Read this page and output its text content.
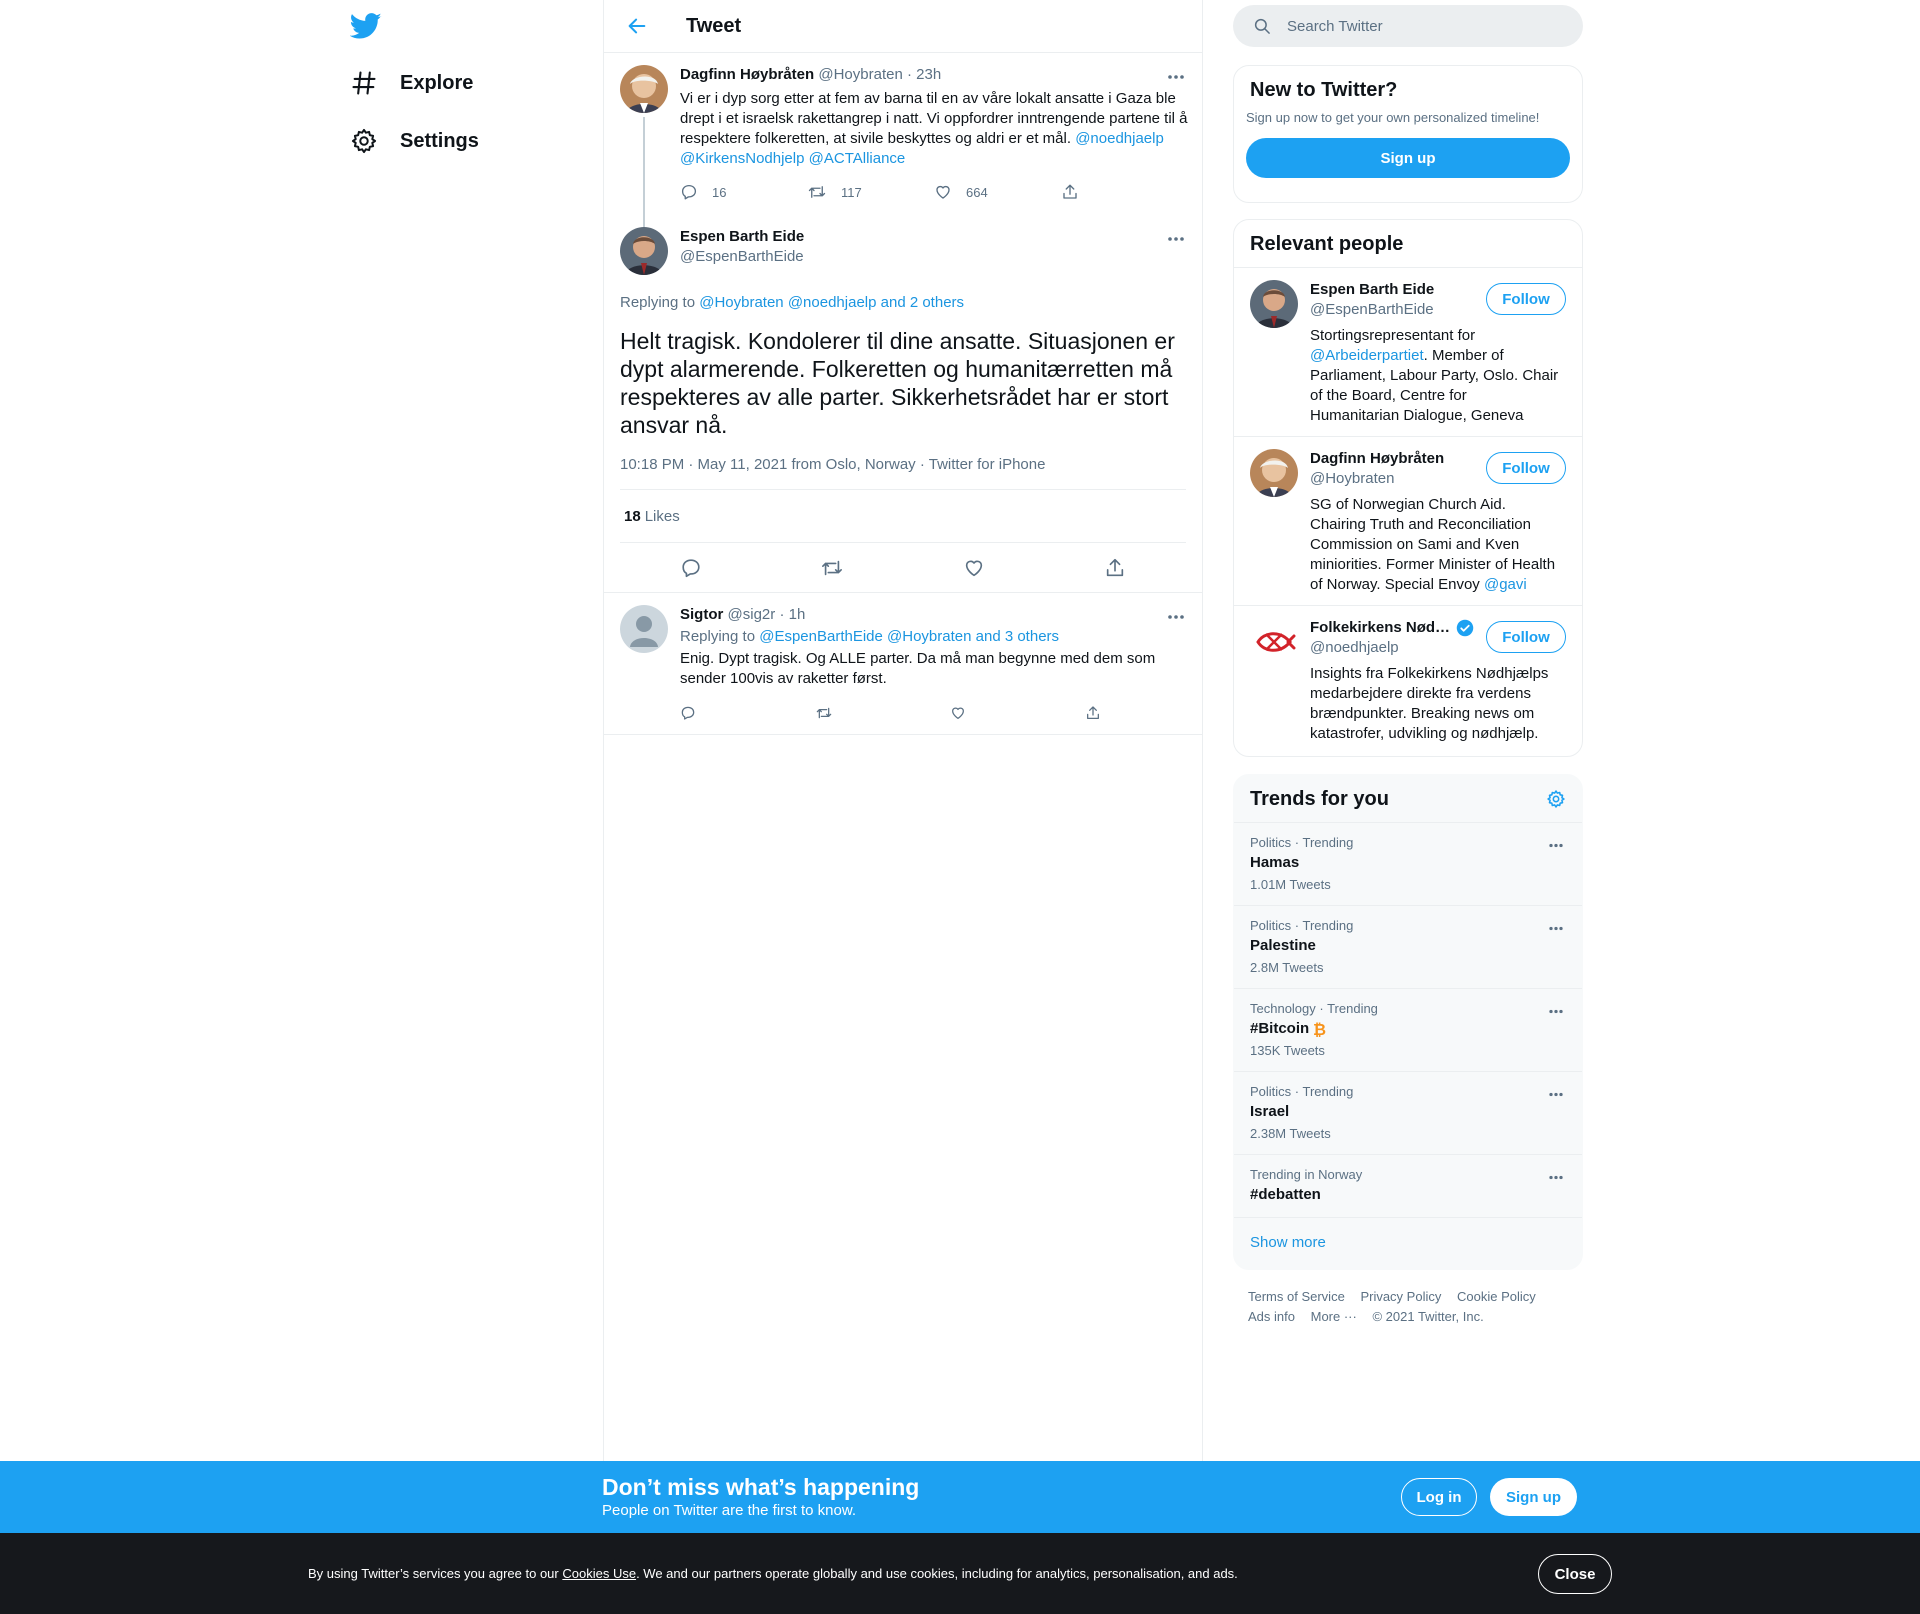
Explore
Settings
Tweet
Dagfinn Høybråten @Hoybraten · 23h
Vi er i dyp sorg etter at fem av barna til en av våre lokalt ansatte i Gaza ble drept i et israelsk rakettangrep i natt. Vi oppfordrer inntrengende partene til å respektere folkeretten, at sivile beskyttes og aldri er et mål. @noedhjaelp @KirkensNodhjelp @ACTAlliance
16	117	664
Espen Barth Eide
@EspenBarthEide
Replying to @Hoybraten @noedhjaelp and 2 others
Helt tragisk. Kondolerer til dine ansatte. Situasjonen er dypt alarmerende. Folkeretten og humanitærretten må respekteres av alle parter. Sikkerhetsrådet har er stort ansvar nå.
10:18 PM · May 11, 2021 from Oslo, Norway · Twitter for iPhone
18 Likes
Sigtor @sig2r · 1h
Replying to @EspenBarthEide @Hoybraten and 3 others
Enig. Dypt tragisk. Og ALLE parter. Da må man begynne med dem som sender 100vis av raketter først.
Search Twitter
New to Twitter?
Sign up now to get your own personalized timeline!
Sign up
Relevant people
Espen Barth Eide
@EspenBarthEide
Stortingsrepresentant for @Arbeiderpartiet. Member of Parliament, Labour Party, Oslo. Chair of the Board, Centre for Humanitarian Dialogue, Geneva
Follow
Dagfinn Høybråten
@Hoybraten
SG of Norwegian Church Aid. Chairing Truth and Reconciliation Commission on Sami and Kven miniorities. Former Minister of Health of Norway. Special Envoy @gavi
Follow
Folkekirkens Nød…
@noedhjaelp
Insights fra Folkekirkens Nødhjælps medarbejdere direkte fra verdens brændpunkter. Breaking news om katastrofer, udvikling og nødhjælp.
Follow
Trends for you
Politics · Trending
Hamas
1.01M Tweets
Politics · Trending
Palestine
2.8M Tweets
Technology · Trending
#Bitcoin ₿
135K Tweets
Politics · Trending
Israel
2.38M Tweets
Trending in Norway
#debatten
Show more
Terms of Service Privacy Policy Cookie Policy
Ads info More ··· © 2021 Twitter, Inc.
Don’t miss what’s happening
People on Twitter are the first to know.
Log in	Sign up
By using Twitter’s services you agree to our Cookies Use. We and our partners operate globally and use cookies, including for analytics, personalisation, and ads.	Close
